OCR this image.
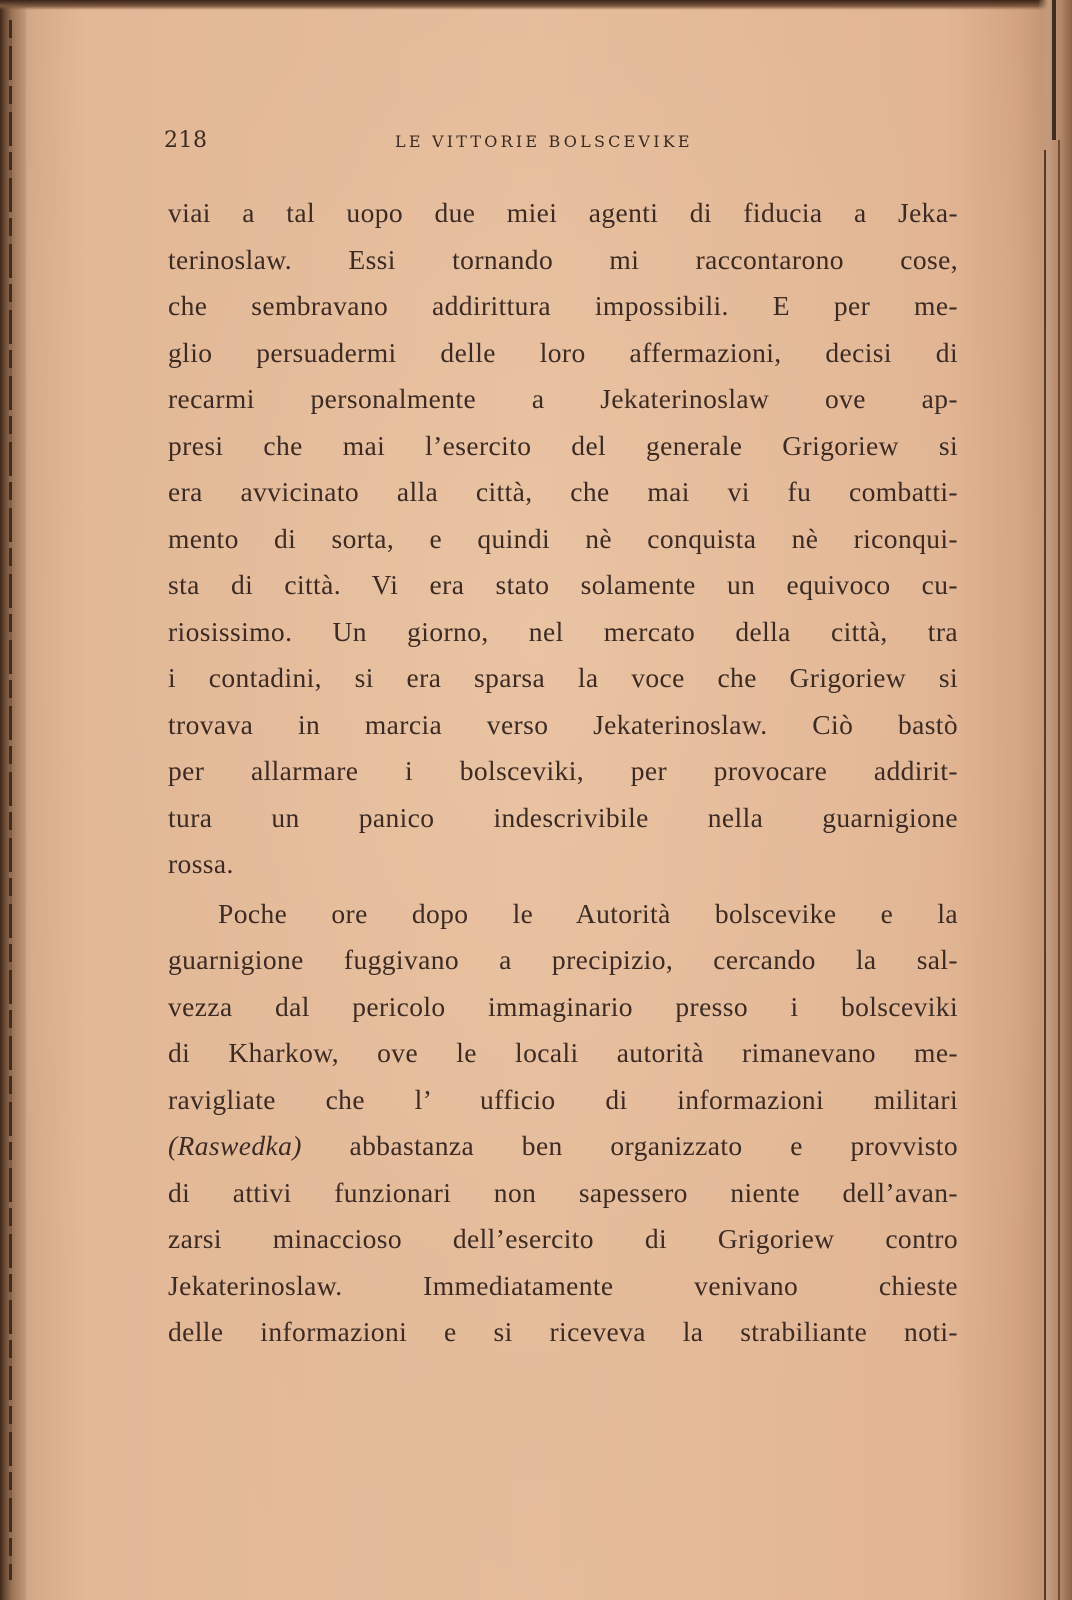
218	LE VITTORIE BOLSCEVIKE
viai a tal uopo due miei agenti di fiducia a Jeka-
terinoslaw. Essi tornando mi raccontarono cose,
che sembravano addirittura impossibili. E per me-
glio persuadermi delle loro affermazioni, decisi di
recarmi personalmente a Jekaterinoslaw ove ap-
presi che mai l’esercito del generale Grigoriew si
era avvicinato alla città, che mai vi fu combatti-
mento di sorta, e quindi nè conquista nè riconqui-
sta di città. Vi era stato solamente un equivoco cu-
riosissimo. Un giorno, nel mercato della città, tra
i contadini, si era sparsa la voce che Grigoriew si
trovava in marcia verso Jekaterinoslaw. Ciò bastò
per allarmare i bolsceviki, per provocare addirit-
tura un panico indescrivibile nella guarnigione
rossa.
Poche ore dopo le Autorità bolscevike e la
guarnigione fuggivano a precipizio, cercando la sal-
vezza dal pericolo immaginario presso i bolsceviki
di Kharkow, ove le locali autorità rimanevano me-
ravigliate che l’ ufficio di informazioni militari
(Raswedka) abbastanza ben organizzato e provvisto
di attivi funzionari non sapessero niente dell’avan-
zarsi minaccioso dell’esercito di Grigoriew contro
Jekaterinoslaw. Immediatamente venivano chieste
delle informazioni e si riceveva la strabiliante noti-
